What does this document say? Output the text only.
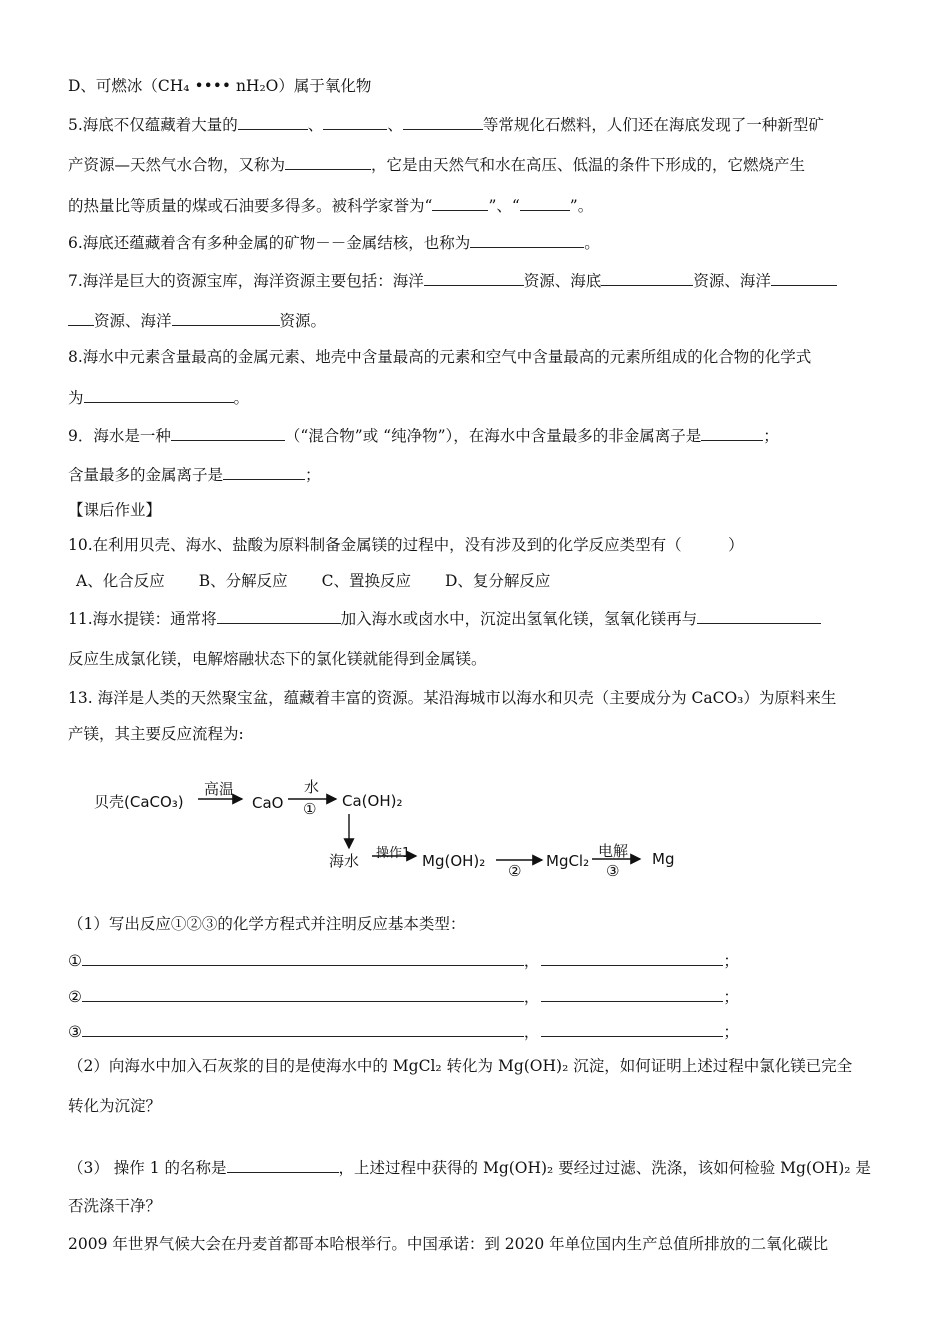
D、可燃冰（CH₄ •••• nH₂O）属于氧化物
5.海底不仅蕴藏着大量的	、	、	等常规化石燃料，人们还在海底发现了一种新型矿
产资源—天然气水合物，又称为	，它是由天然气和水在高压、低温的条件下形成的，它燃烧产生
的热量比等质量的煤或石油要多得多。被科学家誉为“	”、“	”。
6.海底还蕴藏着含有多种金属的矿物－－金属结核，也称为	。
7.海洋是巨大的资源宝库，海洋资源主要包括：海洋	资源、海底	资源、海洋
资源、海洋	资源。
8.海水中元素含量最高的金属元素、地壳中含量最高的元素和空气中含量最高的元素所组成的化合物的化学式
为	。
9．海水是一种	（“混合物”或 “纯净物”），在海水中含量最多的非金属离子是	；
含量最多的金属离子是	；
【课后作业】
10.在利用贝壳、海水、盐酸为原料制备金属镁的过程中，没有涉及到的化学反应类型有（　　　）
A、化合反应 B、分解反应 C、置换反应 D、复分解反应
11.海水提镁：通常将	加入海水或卤水中，沉淀出氢氧化镁，氢氧化镁再与
反应生成氯化镁，电解熔融状态下的氯化镁就能得到金属镁。
13. 海洋是人类的天然聚宝盆，蕴藏着丰富的资源。某沿海城市以海水和贝壳（主要成分为 CaCO₃）为原料来生
产镁，其主要反应流程为:
贝壳(CaCO₃)
高温
CaO
水
① Ca(OH)₂
海水 操作1 Mg(OH)₂
②
MgCl₂
电解
③
Mg
（1）写出反应①②③的化学方程式并注明反应基本类型：
①	，	；
②	，	；
③	，	；
（2）向海水中加入石灰浆的目的是使海水中的 MgCl₂ 转化为 Mg(OH)₂ 沉淀，如何证明上述过程中氯化镁已完全
转化为沉淀？
（3） 操作 1 的名称是	，上述过程中获得的 Mg(OH)₂ 要经过过滤、洗涤，该如何检验 Mg(OH)₂ 是
否洗涤干净？
2009 年世界气候大会在丹麦首都哥本哈根举行。中国承诺：到 2020 年单位国内生产总值所排放的二氧化碳比
